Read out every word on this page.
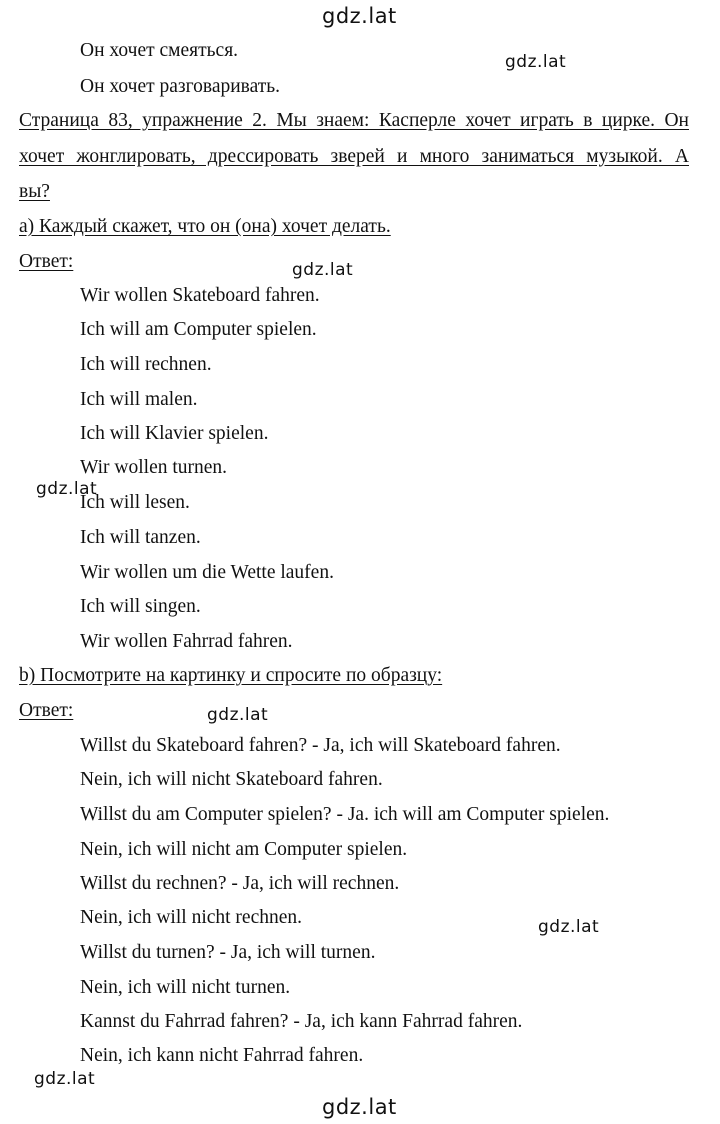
gdz.lat
gdz.lat
gdz.lat
gdz.lat
gdz.lat
gdz.lat
gdz.lat
gdz.lat
Он хочет смеяться.
Он хочет разговаривать.
Страница 83, упражнение 2. Мы знаем: Касперле хочет играть в цирке. Он
хочет жонглировать, дрессировать зверей и много заниматься музыкой. А
вы?
а) Каждый скажет, что он (она) хочет делать.
Ответ:
Wir wollen Skateboard fahren.
Ich will am Computer spielen.
Ich will rechnen.
Ich will malen.
Ich will Klavier spielen.
Wir wollen turnen.
Ich will lesen.
Ich will tanzen.
Wir wollen um die Wette laufen.
Ich will singen.
Wir wollen Fahrrad fahren.
b) Посмотрите на картинку и спросите по образцу:
Ответ:
Willst du Skateboard fahren? - Ja, ich will Skateboard fahren.
Nein, ich will nicht Skateboard fahren.
Willst du am Computer spielen? - Ja. ich will am Computer spielen.
Nein, ich will nicht am Computer spielen.
Willst du rechnen? - Ja, ich will rechnen.
Nein, ich will nicht rechnen.
Willst du turnen? - Ja, ich will turnen.
Nein, ich will nicht turnen.
Kannst du Fahrrad fahren? - Ja, ich kann Fahrrad fahren.
Nein, ich kann nicht Fahrrad fahren.
